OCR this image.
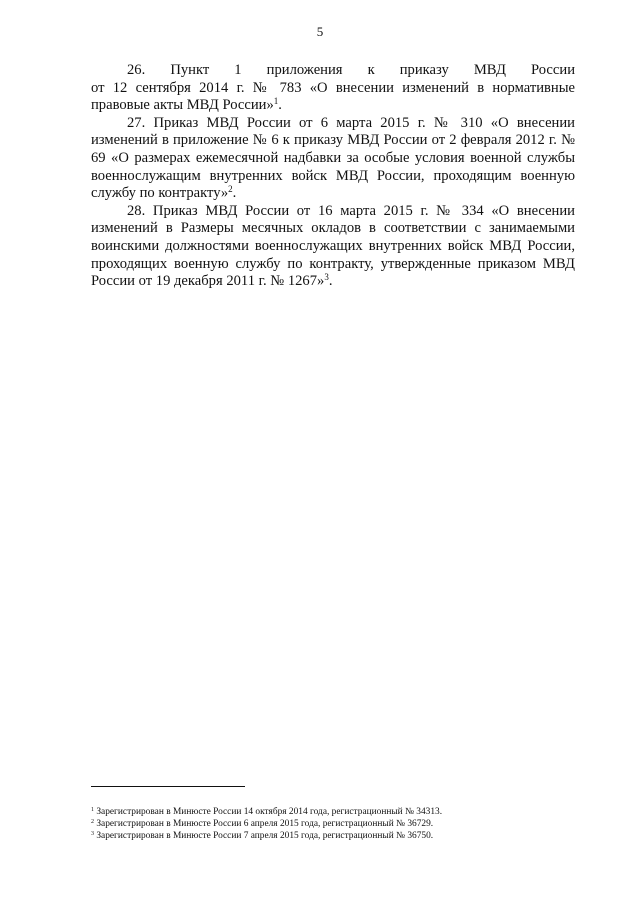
5

26. Пункт 1 приложения к приказу МВД России

от 12 сентября 2014 г. № 783 «О внесении изменений в нормативные правовые акты МВД России»$^1$.

27. Приказ МВД России от 6 марта 2015 г. № 310 «О внесении изменений в приложение № 6 к приказу МВД России от 2 февраля 2012 г. № 69 «О размерах ежемесячной надбавки за особые условия военной службы военнослужащим внутренних войск МВД России, проходящим военную службу по контракту»$^2$.

28. Приказ МВД России от 16 марта 2015 г. № 334 «О внесении изменений в Размеры месячных окладов в соответствии с занимаемыми воинскими должностями военнослужащих внутренних войск МВД России, проходящих военную службу по контракту, утвержденные приказом МВД России от 19 декабря 2011 г. № 1267»$^3$.

$^1$ Зарегистрирован в Минюсте России 14 октября 2014 года, регистрационный № 34313.

$^2$ Зарегистрирован в Минюсте России 6 апреля 2015 года, регистрационный № 36729.

$^3$ Зарегистрирован в Минюсте России 7 апреля 2015 года, регистрационный № 36750.
